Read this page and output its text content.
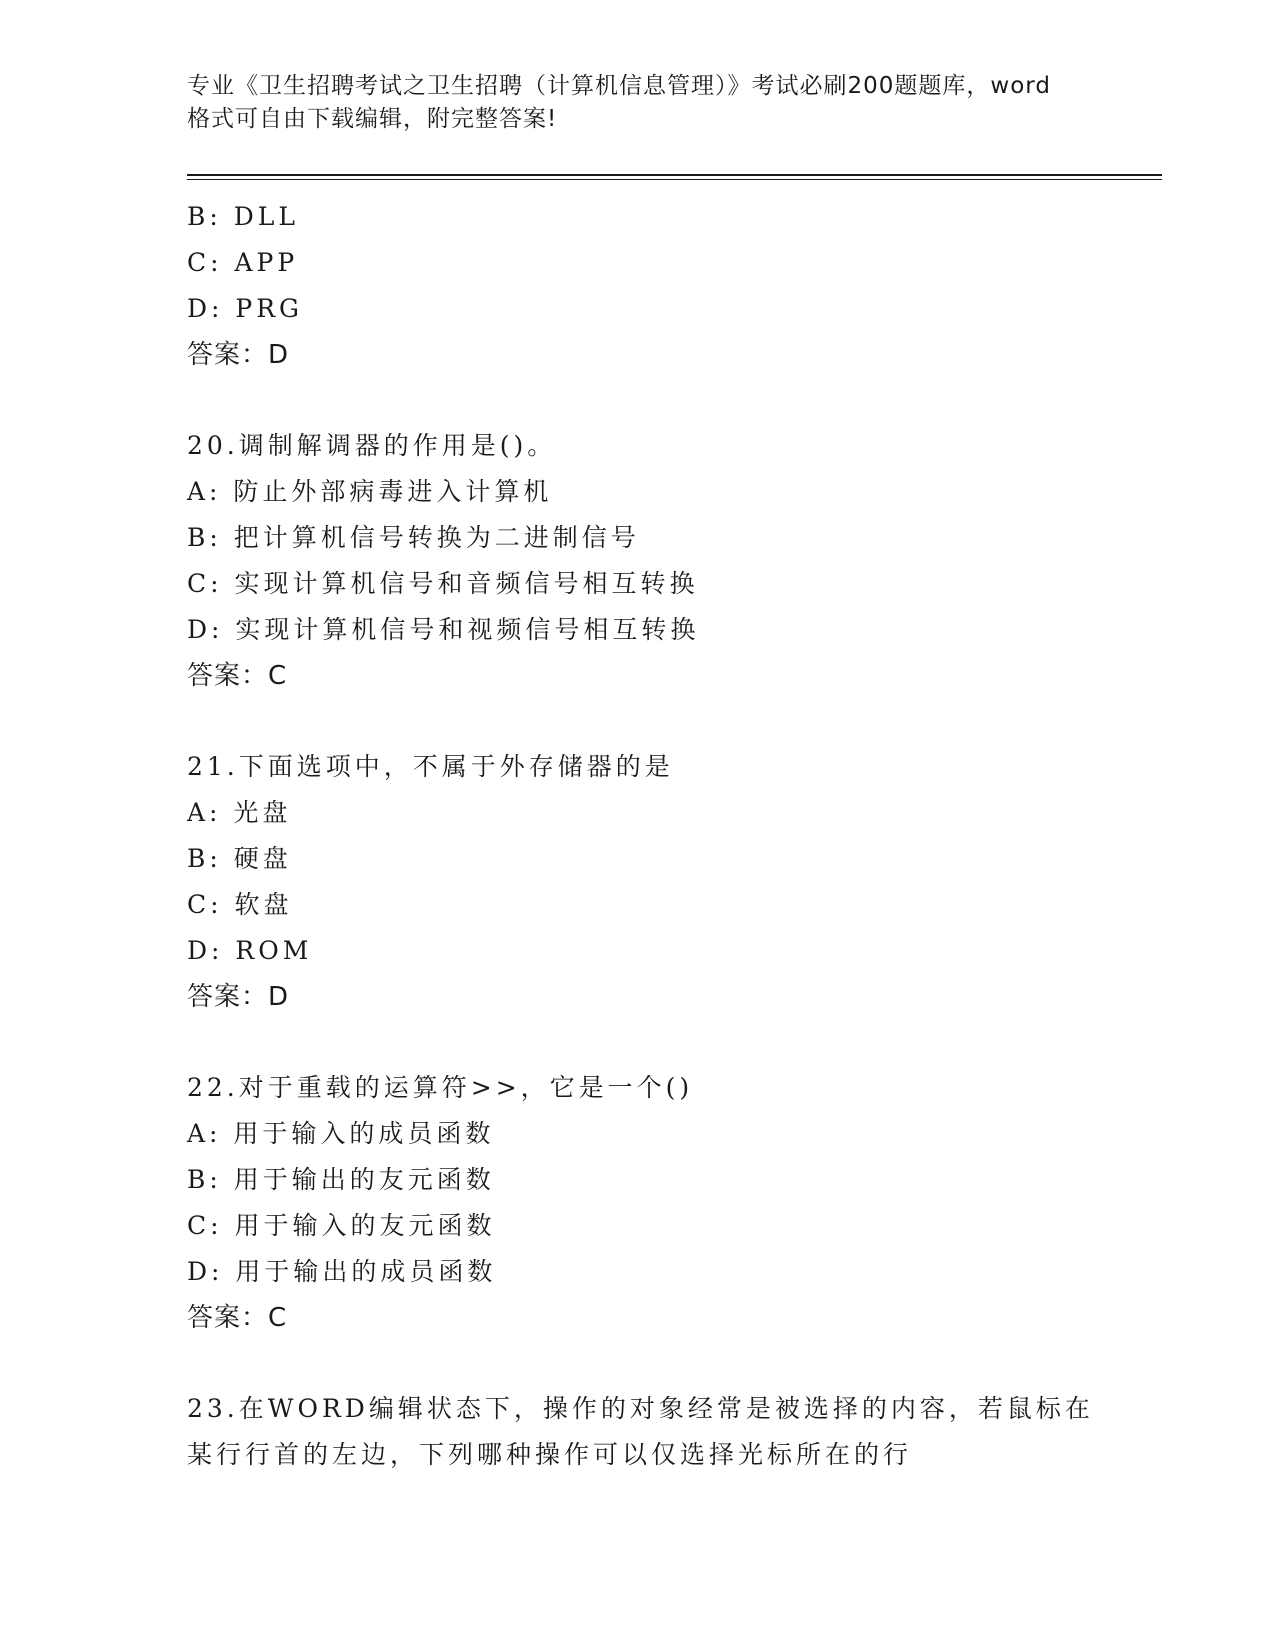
专业《卫生招聘考试之卫生招聘（计算机信息管理）》考试必刷200题题库，word

格式可自由下载编辑，附完整答案!

B: DLL

C: APP

D: PRG

答案：D

20.调制解调器的作用是()。

A: 防止外部病毒进入计算机

B: 把计算机信号转换为二进制信号

C: 实现计算机信号和音频信号相互转换

D: 实现计算机信号和视频信号相互转换

答案：C

21.下面选项中，不属于外存储器的是

A: 光盘

B: 硬盘

C: 软盘

D: ROM

答案：D

22.对于重载的运算符>>，它是一个()

A: 用于输入的成员函数

B: 用于输出的友元函数

C: 用于输入的友元函数

D: 用于输出的成员函数

答案：C

23.在WORD编辑状态下，操作的对象经常是被选择的内容，若鼠标在

某行行首的左边，下列哪种操作可以仅选择光标所在的行
